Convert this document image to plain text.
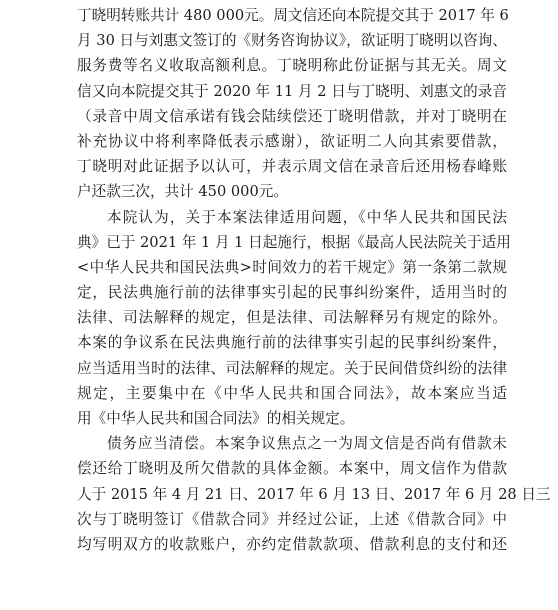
丁晓明转账共计 480 000元。周文信还向本院提交其于 2017 年 6
月 30 日与刘惠文签订的《财务咨询协议》，欲证明丁晓明以咨询、
服务费等名义收取高额利息。丁晓明称此份证据与其无关。周文
信又向本院提交其于 2020 年 11 月 2 日与丁晓明、刘惠文的录音
（录音中周文信承诺有钱会陆续偿还丁晓明借款，并对丁晓明在
补充协议中将利率降低表示感谢），欲证明二人向其索要借款，
丁晓明对此证据予以认可，并表示周文信在录音后还用杨春峰账
户还款三次，共计 450 000元。
本院认为，关于本案法律适用问题，《中华人民共和国民法
典》已于 2021 年 1 月 1 日起施行，根据《最高人民法院关于适用
<中华人民共和国民法典>时间效力的若干规定》第一条第二款规
定，民法典施行前的法律事实引起的民事纠纷案件，适用当时的
法律、司法解释的规定，但是法律、司法解释另有规定的除外。
本案的争议系在民法典施行前的法律事实引起的民事纠纷案件，
应当适用当时的法律、司法解释的规定。关于民间借贷纠纷的法律
规定，主要集中在《中华人民共和国合同法》，故本案应当适
用《中华人民共和国合同法》的相关规定。
债务应当清偿。本案争议焦点之一为周文信是否尚有借款未
偿还给丁晓明及所欠借款的具体金额。本案中，周文信作为借款
人于 2015 年 4 月 21 日、2017 年 6 月 13 日、2017 年 6 月 28 日三
次与丁晓明签订《借款合同》并经过公证，上述《借款合同》中
均写明双方的收款账户，亦约定借款款项、借款利息的支付和还
